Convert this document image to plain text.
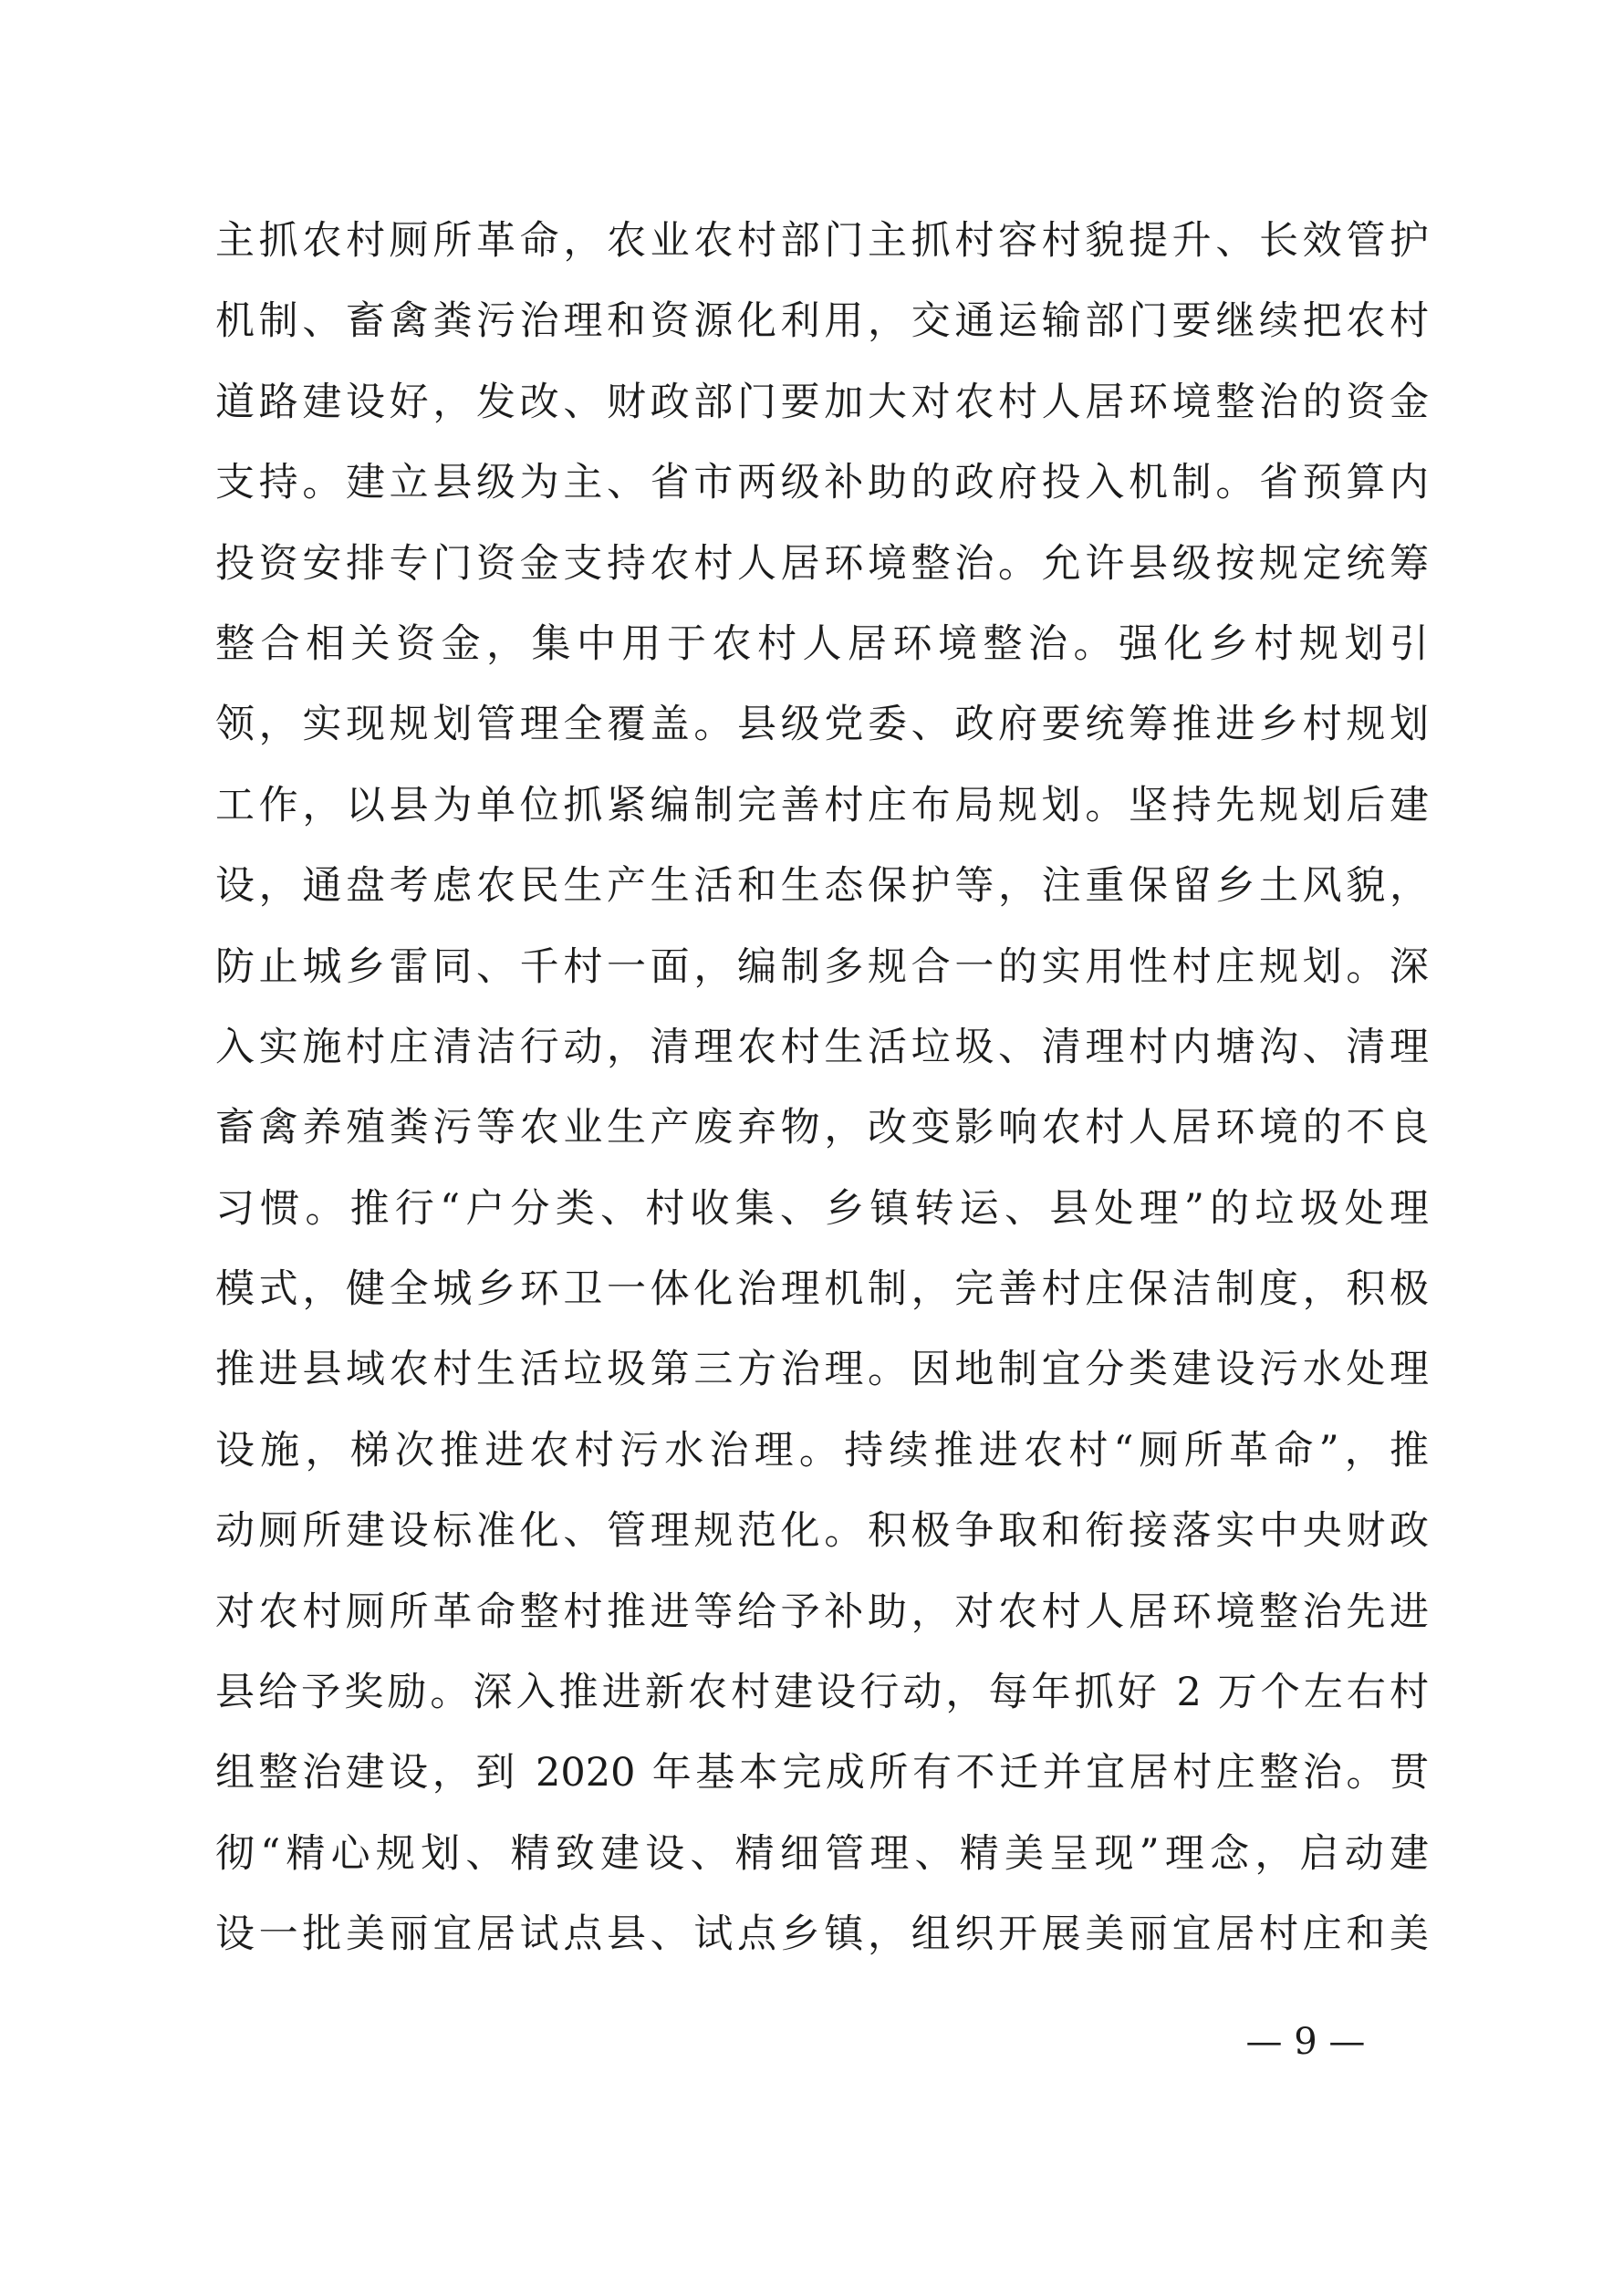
主抓农村厕所革命，农业农村部门主抓村容村貌提升、长效管护
机制、畜禽粪污治理和资源化利用，交通运输部门要继续把农村
道路建设好，发改、财政部门要加大对农村人居环境整治的资金
支持。建立县级为主、省市两级补助的政府投入机制。省预算内
投资安排专门资金支持农村人居环境整治。允许县级按规定统筹
整合相关资金，集中用于农村人居环境整治。强化乡村规划引
领，实现规划管理全覆盖。县级党委、政府要统筹推进乡村规划
工作，以县为单位抓紧编制完善村庄布局规划。坚持先规划后建
设，通盘考虑农民生产生活和生态保护等，注重保留乡土风貌，
防止城乡雷同、千村一面，编制多规合一的实用性村庄规划。深
入实施村庄清洁行动，清理农村生活垃圾、清理村内塘沟、清理
畜禽养殖粪污等农业生产废弃物，改变影响农村人居环境的不良
习惯。推行“户分类、村收集、乡镇转运、县处理”的垃圾处理
模式，健全城乡环卫一体化治理机制，完善村庄保洁制度，积极
推进县域农村生活垃圾第三方治理。因地制宜分类建设污水处理
设施，梯次推进农村污水治理。持续推进农村“厕所革命”，推
动厕所建设标准化、管理规范化。积极争取和衔接落实中央财政
对农村厕所革命整村推进等给予补助，对农村人居环境整治先进
县给予奖励。深入推进新农村建设行动，每年抓好 2 万个左右村
组整治建设，到 2020 年基本完成所有不迁并宜居村庄整治。贯
彻“精心规划、精致建设、精细管理、精美呈现”理念，启动建
设一批美丽宜居试点县、试点乡镇，组织开展美丽宜居村庄和美
— 9 —
